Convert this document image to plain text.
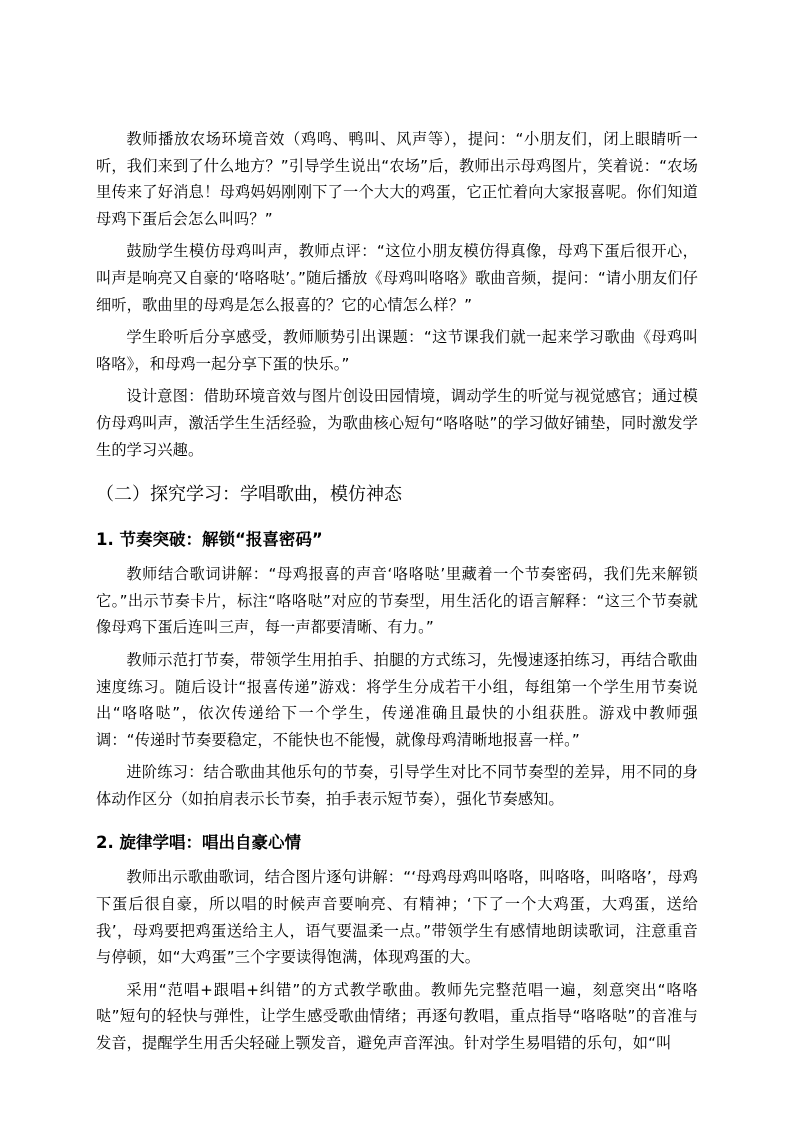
教师播放农场环境音效（鸡鸣、鸭叫、风声等），提问：“小朋友们，闭上眼睛听一听，我们来到了什么地方？”引导学生说出“农场”后，教师出示母鸡图片，笑着说：“农场里传来了好消息！母鸡妈妈刚刚下了一个大大的鸡蛋，它正忙着向大家报喜呢。你们知道母鸡下蛋后会怎么叫吗？”

鼓励学生模仿母鸡叫声，教师点评：“这位小朋友模仿得真像，母鸡下蛋后很开心，叫声是响亮又自豪的‘咯咯哒’。”随后播放《母鸡叫咯咯》歌曲音频，提问：“请小朋友们仔细听，歌曲里的母鸡是怎么报喜的？它的心情怎么样？”

学生聆听后分享感受，教师顺势引出课题：“这节课我们就一起来学习歌曲《母鸡叫咯咯》，和母鸡一起分享下蛋的快乐。”

设计意图：借助环境音效与图片创设田园情境，调动学生的听觉与视觉感官；通过模仿母鸡叫声，激活学生生活经验，为歌曲核心短句“咯咯哒”的学习做好铺垫，同时激发学生的学习兴趣。

（二）探究学习：学唱歌曲，模仿神态
1. 节奏突破：解锁“报喜密码”

教师结合歌词讲解：“母鸡报喜的声音‘咯咯哒’里藏着一个节奏密码，我们先来解锁它。”出示节奏卡片，标注“咯咯哒”对应的节奏型，用生活化的语言解释：“这三个节奏就像母鸡下蛋后连叫三声，每一声都要清晰、有力。”

教师示范打节奏，带领学生用拍手、拍腿的方式练习，先慢速逐拍练习，再结合歌曲速度练习。随后设计“报喜传递”游戏：将学生分成若干小组，每组第一个学生用节奏说出“咯咯哒”，依次传递给下一个学生，传递准确且最快的小组获胜。游戏中教师强调：“传递时节奏要稳定，不能快也不能慢，就像母鸡清晰地报喜一样。”

进阶练习：结合歌曲其他乐句的节奏，引导学生对比不同节奏型的差异，用不同的身体动作区分（如拍肩表示长节奏，拍手表示短节奏），强化节奏感知。

2. 旋律学唱：唱出自豪心情

教师出示歌曲歌词，结合图片逐句讲解：“‘母鸡母鸡叫咯咯，叫咯咯，叫咯咯’，母鸡下蛋后很自豪，所以唱的时候声音要响亮、有精神；‘下了一个大鸡蛋，大鸡蛋，送给我’，母鸡要把鸡蛋送给主人，语气要温柔一点。”带领学生有感情地朗读歌词，注意重音与停顿，如“大鸡蛋”三个字要读得饱满，体现鸡蛋的大。

采用“范唱+跟唱+纠错”的方式教学歌曲。教师先完整范唱一遍，刻意突出“咯咯哒”短句的轻快与弹性，让学生感受歌曲情绪；再逐句教唱，重点指导“咯咯哒”的音准与发音，提醒学生用舌尖轻碰上颚发音，避免声音浑浊。针对学生易唱错的乐句，如“叫
